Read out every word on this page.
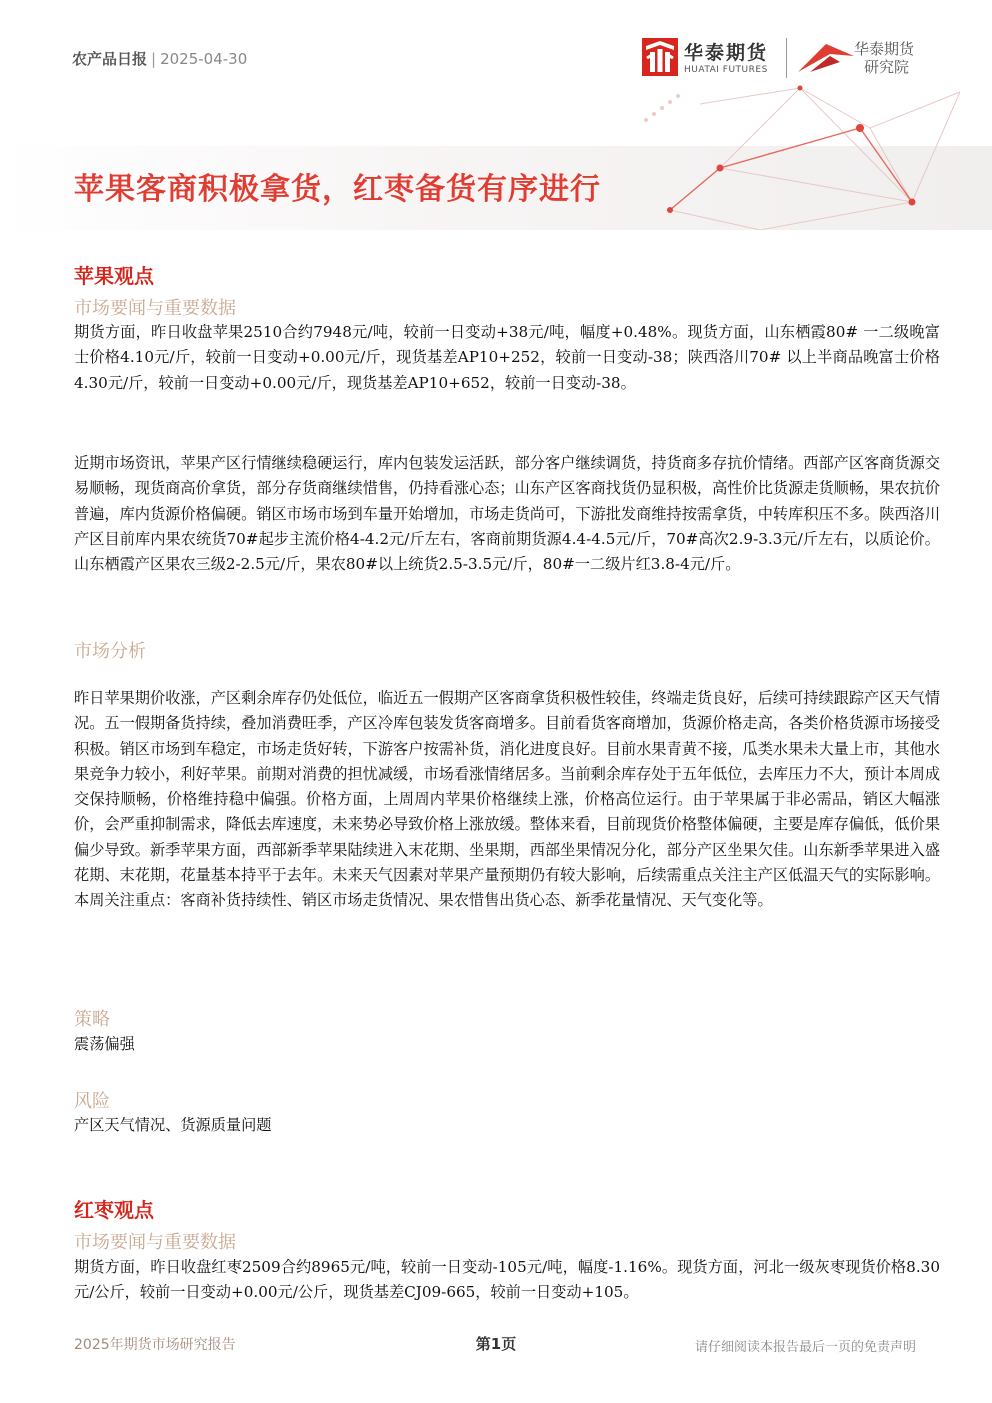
农产品日报 | 2025-04-30	华泰期货
HUATAI FUTURES
华泰期货
研究院
苹果客商积极拿货，红枣备货有序进行
苹果观点
市场要闻与重要数据

期货方面，昨日收盘苹果2510合约7948元/吨，较前一日变动+38元/吨，幅度+0.48%。现货方面，山东栖霞80# 一二级晚富士价格4.10元/斤，较前一日变动+0.00元/斤，现货基差AP10+252，较前一日变动-38；陕西洛川70# 以上半商品晚富士价格4.30元/斤，较前一日变动+0.00元/斤，现货基差AP10+652，较前一日变动-38。

近期市场资讯，苹果产区行情继续稳硬运行，库内包装发运活跃，部分客户继续调货，持货商多存抗价情绪。西部产区客商货源交易顺畅，现货商高价拿货，部分存货商继续惜售，仍持看涨心态；山东产区客商找货仍显积极，高性价比货源走货顺畅，果农抗价普遍，库内货源价格偏硬。销区市场市场到车量开始增加，市场走货尚可，下游批发商维持按需拿货，中转库积压不多。陕西洛川产区目前库内果农统货70#起步主流价格4-4.2元/斤左右，客商前期货源4.4-4.5元/斤，70#高次2.9-3.3元/斤左右，以质论价。 山东栖霞产区果农三级2-2.5元/斤，果农80#以上统货2.5-3.5元/斤，80#一二级片红3.8-4元/斤。

市场分析

昨日苹果期价收涨，产区剩余库存仍处低位，临近五一假期产区客商拿货积极性较佳，终端走货良好，后续可持续跟踪产区天气情况。五一假期备货持续，叠加消费旺季，产区冷库包装发货客商增多。目前看货客商增加，货源价格走高，各类价格货源市场接受积极。销区市场到车稳定，市场走货好转，下游客户按需补货，消化进度良好。目前水果青黄不接，瓜类水果未大量上市，其他水果竞争力较小，利好苹果。前期对消费的担忧减缓，市场看涨情绪居多。当前剩余库存处于五年低位，去库压力不大，预计本周成交保持顺畅，价格维持稳中偏强。价格方面，上周周内苹果价格继续上涨，价格高位运行。由于苹果属于非必需品，销区大幅涨价，会严重抑制需求，降低去库速度，未来势必导致价格上涨放缓。整体来看，目前现货价格整体偏硬，主要是库存偏低，低价果偏少导致。新季苹果方面，西部新季苹果陆续进入末花期、坐果期，西部坐果情况分化，部分产区坐果欠佳。山东新季苹果进入盛花期、末花期，花量基本持平于去年。未来天气因素对苹果产量预期仍有较大影响，后续需重点关注主产区低温天气的实际影响。本周关注重点：客商补货持续性、销区市场走货情况、果农惜售出货心态、新季花量情况、天气变化等。

策略

震荡偏强

风险

产区天气情况、货源质量问题

红枣观点
市场要闻与重要数据

期货方面，昨日收盘红枣2509合约8965元/吨，较前一日变动-105元/吨，幅度-1.16%。现货方面，河北一级灰枣现货价格8.30元/公斤，较前一日变动+0.00元/公斤，现货基差CJ09-665，较前一日变动+105。

2025年期货市场研究报告	第1页	请仔细阅读本报告最后一页的免责声明
